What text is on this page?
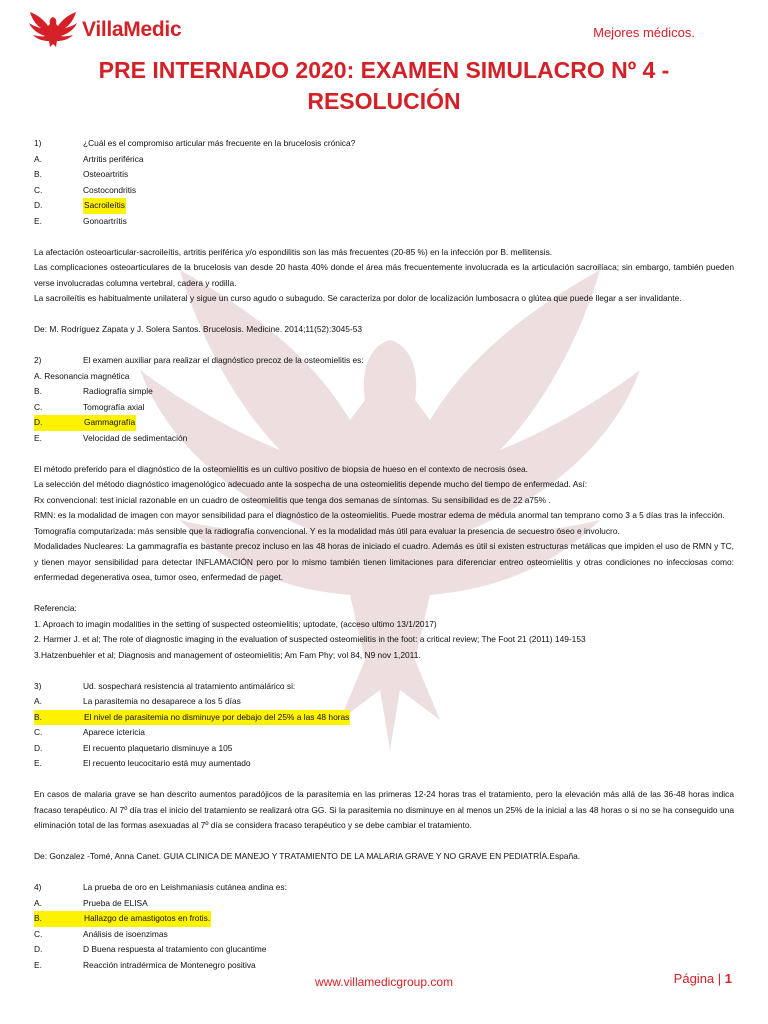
VillaMedic	Mejores médicos.
PRE INTERNADO 2020: EXAMEN SIMULACRO Nº 4 - RESOLUCIÓN
1)	¿Cuál es el compromiso articular más frecuente en la brucelosis crónica?
A.	Artritis periférica
B.	Osteoartritis
C.	Costocondritis
D.	Sacroileítis
E.	Gonoartrítis
La afectación osteoarticular-sacroileítis, artritis periférica y/o espondilitis son las más frecuentes (20-85 %) en la infección por B. mellitensis.
Las complicaciones osteoarticulares de la brucelosis van desde 20 hasta 40% donde el área más frecuentemente involucrada es la articulación sacroilíaca; sin embargo, también pueden verse involucradas columna vertebral, cadera y rodilla.
La sacroileítis es habitualmente unilateral y sigue un curso agudo o subagudo. Se caracteriza por dolor de localización lumbosacra o glútea que puede llegar a ser invalidante.
De: M. Rodríguez Zapata y J. Solera Santos. Brucelosis. Medicine. 2014;11(52):3045-53
2)	El examen auxiliar para realizar el diagnóstico precoz de la osteomielitis es:
A. Resonancia magnética
B.	Radiografía simple
C.	Tomografía axial
D.	Gammagrafía
E.	Velocidad de sedimentación
El método preferido para el diagnóstico de la osteomielitis es un cultivo positivo de biopsia de hueso en el contexto de necrosis ósea.
La selección del método diagnóstico imagenológico adecuado ante la sospecha de una osteomielitis depende mucho del tiempo de enfermedad. Así:
Rx convencional: test inicial razonable en un cuadro de osteomielitis que tenga dos semanas de síntomas. Su sensibilidad es de 22 a75% .
RMN: es la modalidad de imagen con mayor sensibilidad para el diagnóstico de la osteomielitis. Puede mostrar edema de médula anormal tan temprano como 3 a 5 días tras la infección.
Tomografía computarizada: más sensible que la radiografía convencional. Y es la modalidad más útil para evaluar la presencia de secuestro óseo e involucro.
Modalidades Nucleares: La gammagrafía es bastante precoz incluso en las 48 horas de iniciado el cuadro. Además es útil si existen estructuras metálicas que impiden el uso de RMN y TC, y tienen mayor sensibilidad para detectar INFLAMACIÓN pero por lo mismo también tienen limitaciones para diferenciar entreo osteomielitis y otras condiciones no infecciosas como: enfermedad degenerativa osea, tumor oseo, enfermedad de paget.
Referencia:
1. Aproach to imagin modalities in the setting of suspected osteomielitis; uptodate, (acceso ultimo 13/1/2017)
2. Harmer J. et al; The role of diagnostic imaging in the evaluation of suspected osteomielitis in the foot: a critical review; The Foot 21 (2011) 149-153
3.Hatzenbuehler et al; Diagnosis and management of osteomielitis; Am Fam Phy; vol 84, N9 nov 1,2011.
3)	Ud. sospechará resistencia al tratamiento antimalárico si:
A.	La parasitemia no desaparece a los 5 días
B.	El nivel de parasitemia no disminuye por debajo del 25% a las 48 horas
C.	Aparece ictericia
D.	El recuento plaquetario disminuye a 105
E.	El recuento leucocitario está muy aumentado
En casos de malaria grave se han descrito aumentos paradójicos de la parasitemia en las primeras 12-24 horas tras el tratamiento, pero la elevación más allá de las 36-48 horas indica fracaso terapéutico. Al 7º día tras el inicio del tratamiento se realizará otra GG. Si la parasitemia no disminuye en al menos un 25% de la inicial a las 48 horas o si no se ha conseguido una eliminación total de las formas asexuadas al 7º día se considera fracaso terapéutico y se debe cambiar el tratamiento.
De: Gonzalez -Tomé, Anna Canet. GUIA CLINICA DE MANEJO Y TRATAMIENTO DE LA MALARIA GRAVE Y NO GRAVE EN PEDIATRÍA.España.
4)	La prueba de oro en Leishmaniasis cutánea andina es:
A.	Prueba de ELISA
B.	Hallazgo de amastigotos en frotis.
C.	Análisis de isoenzimas
D.	D Buena respuesta al tratamiento con glucantime
E.	Reacción intradérmica de Montenegro positiva
www.villamedicgroup.com	Página | 1
